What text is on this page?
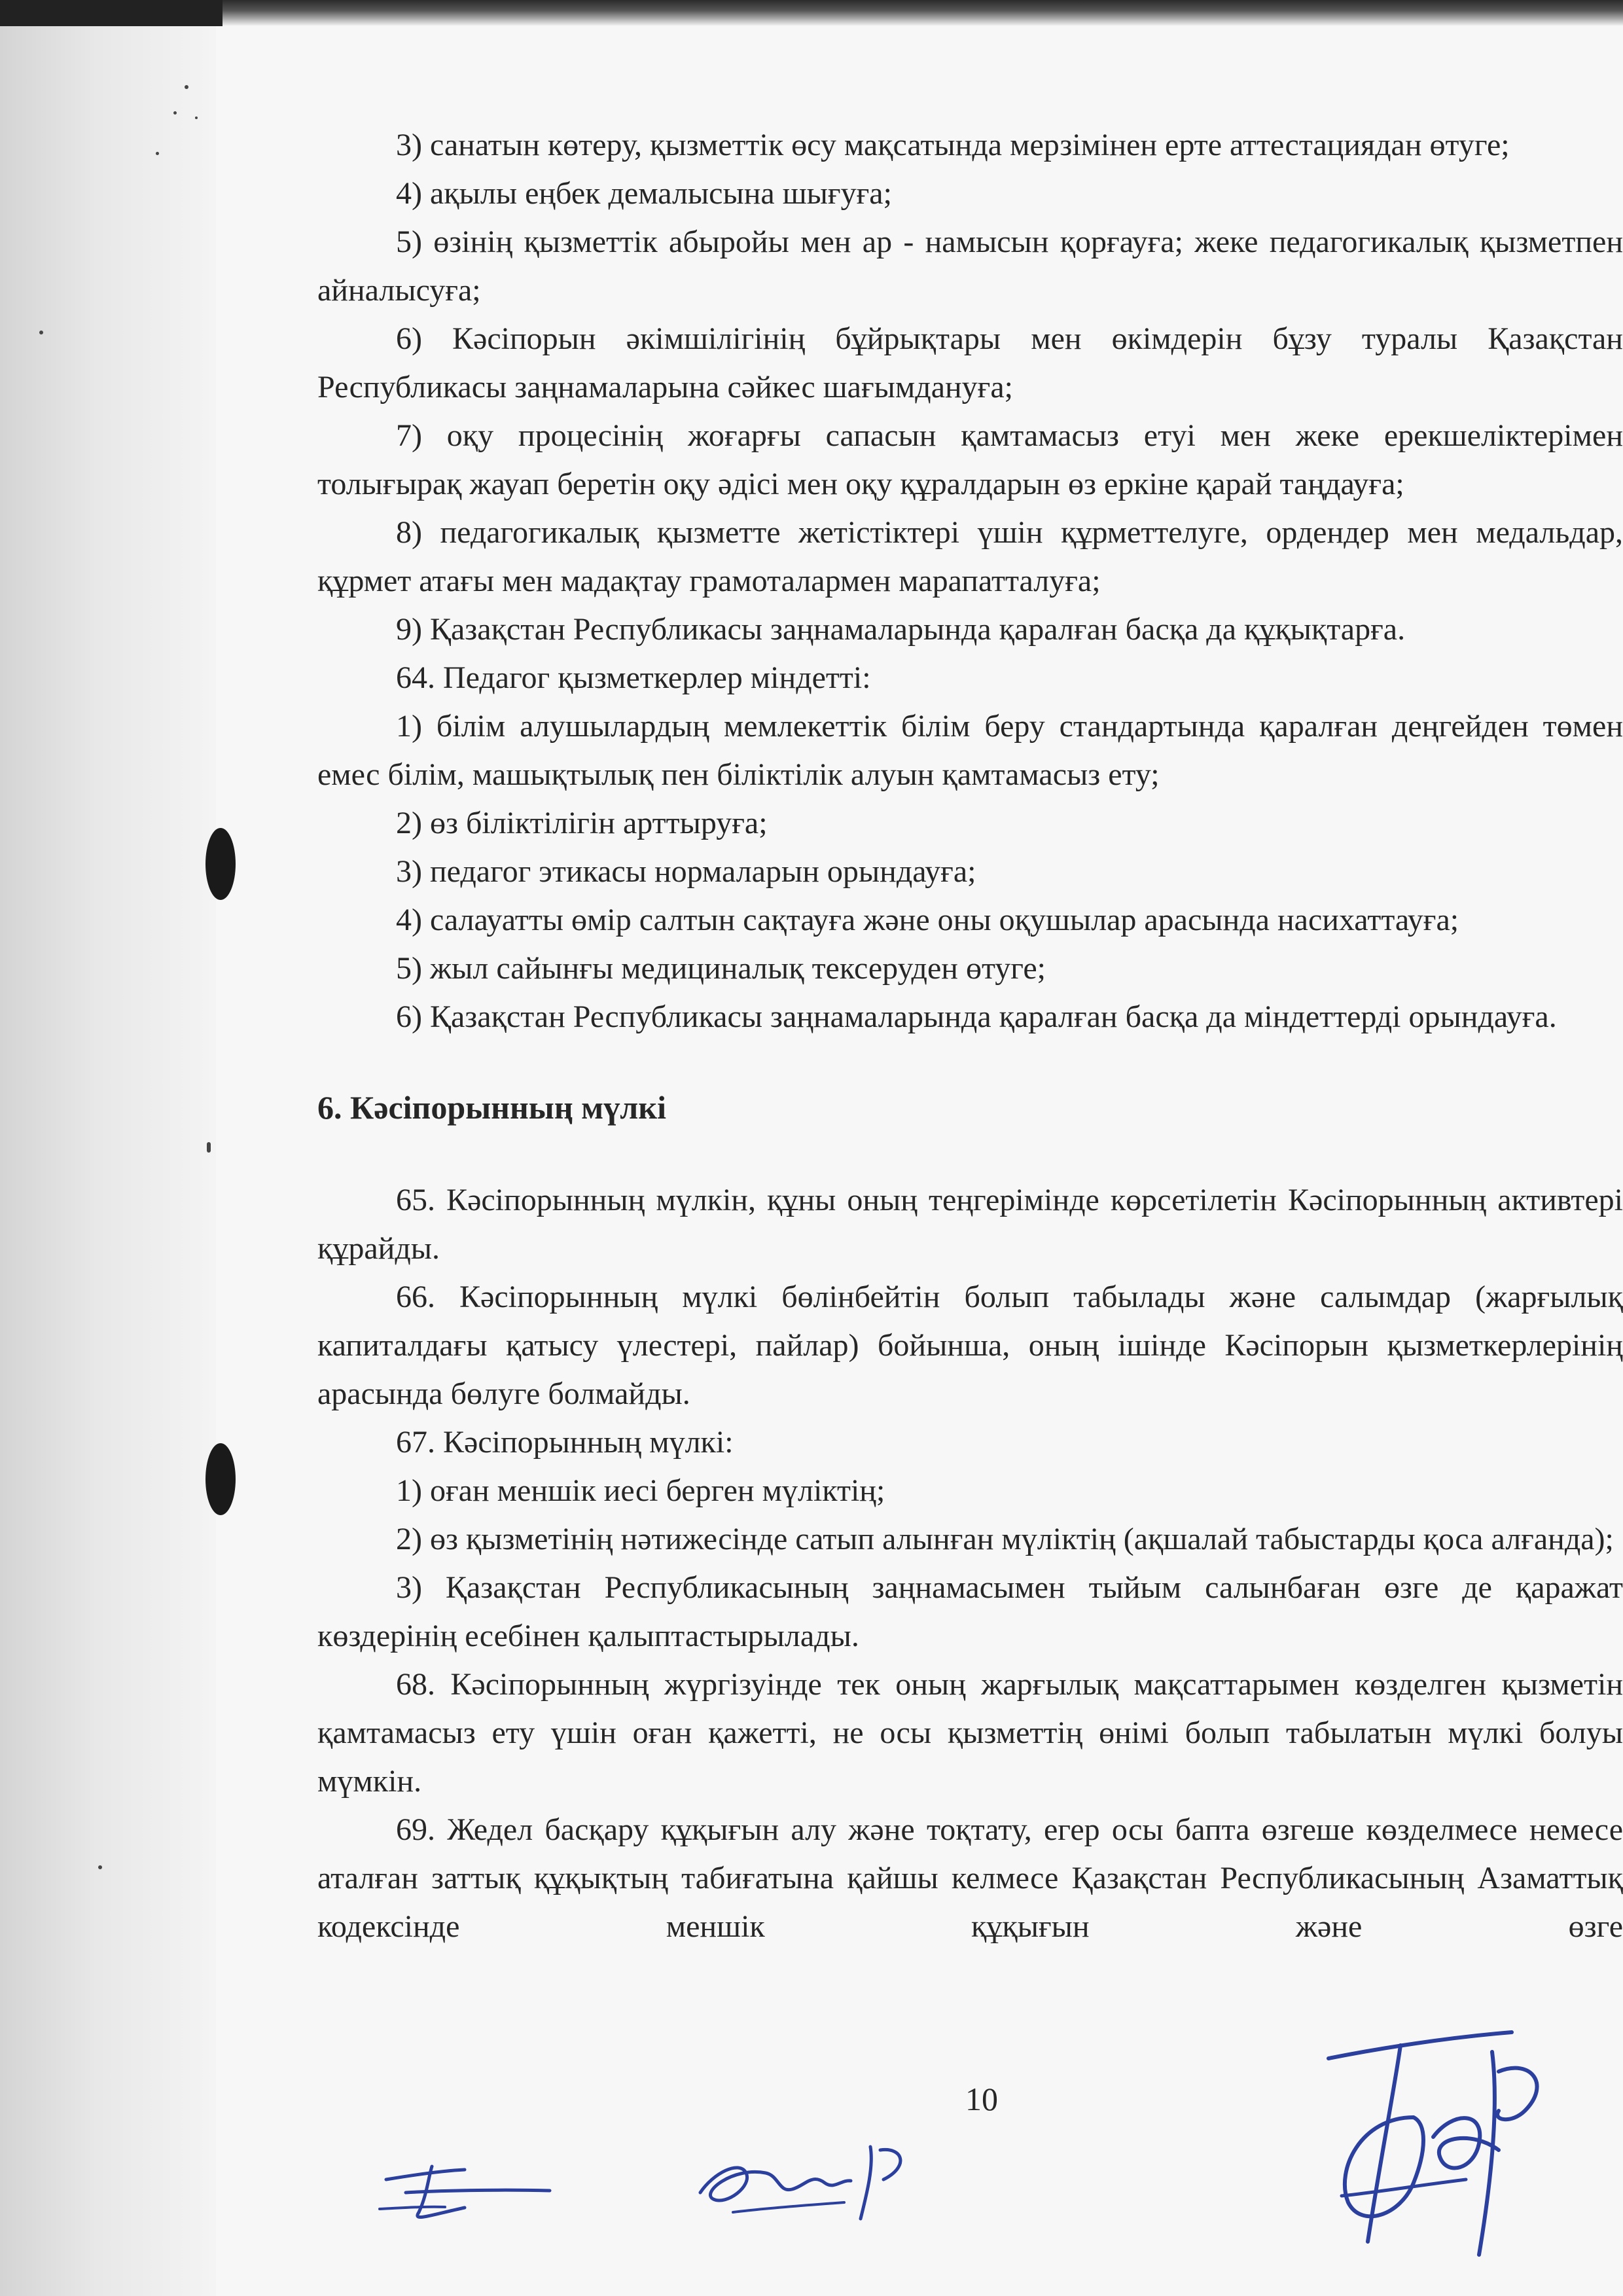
3) санатын көтеру, қызметтік өсу мақсатында мерзімінен ерте аттестациядан өтуге;

4) ақылы еңбек демалысына шығуға;

5) өзінің қызметтік абыройы мен ар - намысын қорғауға; жеке педагогикалық қызметпен айналысуға;

6) Кәсіпорын әкімшілігінің бұйрықтары мен өкімдерін бұзу туралы Қазақстан Республикасы заңнамаларына сәйкес шағымдануға;

7) оқу процесінің жоғарғы сапасын қамтамасыз етуі мен жеке ерекшеліктерімен толығырақ жауап беретін оқу әдісі мен оқу құралдарын өз еркіне қарай таңдауға;

8) педагогикалық қызметте жетістіктері үшін құрметтелуге, ордендер мен медальдар, құрмет атағы мен мадақтау грамоталармен марапатталуға;

9) Қазақстан Республикасы заңнамаларында қаралған басқа да құқықтарға.

64. Педагог қызметкерлер міндетті:

1) білім алушылардың мемлекеттік білім беру стандартында қаралған деңгейден төмен емес білім, машықтылық пен біліктілік алуын қамтамасыз ету;

2) өз біліктілігін арттыруға;

3) педагог этикасы нормаларын орындауға;

4) салауатты өмір салтын сақтауға және оны оқушылар арасында насихаттауға;

5) жыл сайынғы медициналық тексеруден өтуге;

6) Қазақстан Республикасы заңнамаларында қаралған басқа да міндеттерді орындауға.

6. Кәсіпорынның мүлкі

65. Кәсіпорынның мүлкін, құны оның теңгерімінде көрсетілетін Кәсіпорынның активтері құрайды.

66. Кәсіпорынның мүлкі бөлінбейтін болып табылады және салымдар (жарғылық капиталдағы қатысу үлестері, пайлар) бойынша, оның ішінде Кәсіпорын қызметкерлерінің арасында бөлуге болмайды.

67. Кәсіпорынның мүлкі:

1) оған меншік иесі берген мүліктің;

2) өз қызметінің нәтижесінде сатып алынған мүліктің (ақшалай табыстарды қоса алғанда);

3) Қазақстан Республикасының заңнамасымен тыйым салынбаған өзге де қаражат көздерінің есебінен қалыптастырылады.

68. Кәсіпорынның жүргізуінде тек оның жарғылық мақсаттарымен көзделген қызметін қамтамасыз ету үшін оған қажетті, не осы қызметтің өнімі болып табылатын мүлкі болуы мүмкін.

69. Жедел басқару құқығын алу және тоқтату, егер осы бапта өзгеше көзделмесе немесе аталған заттық құқықтың табиғатына қайшы келмесе Қазақстан Республикасының Азаматтық кодексінде меншік құқығын және өзге

10
